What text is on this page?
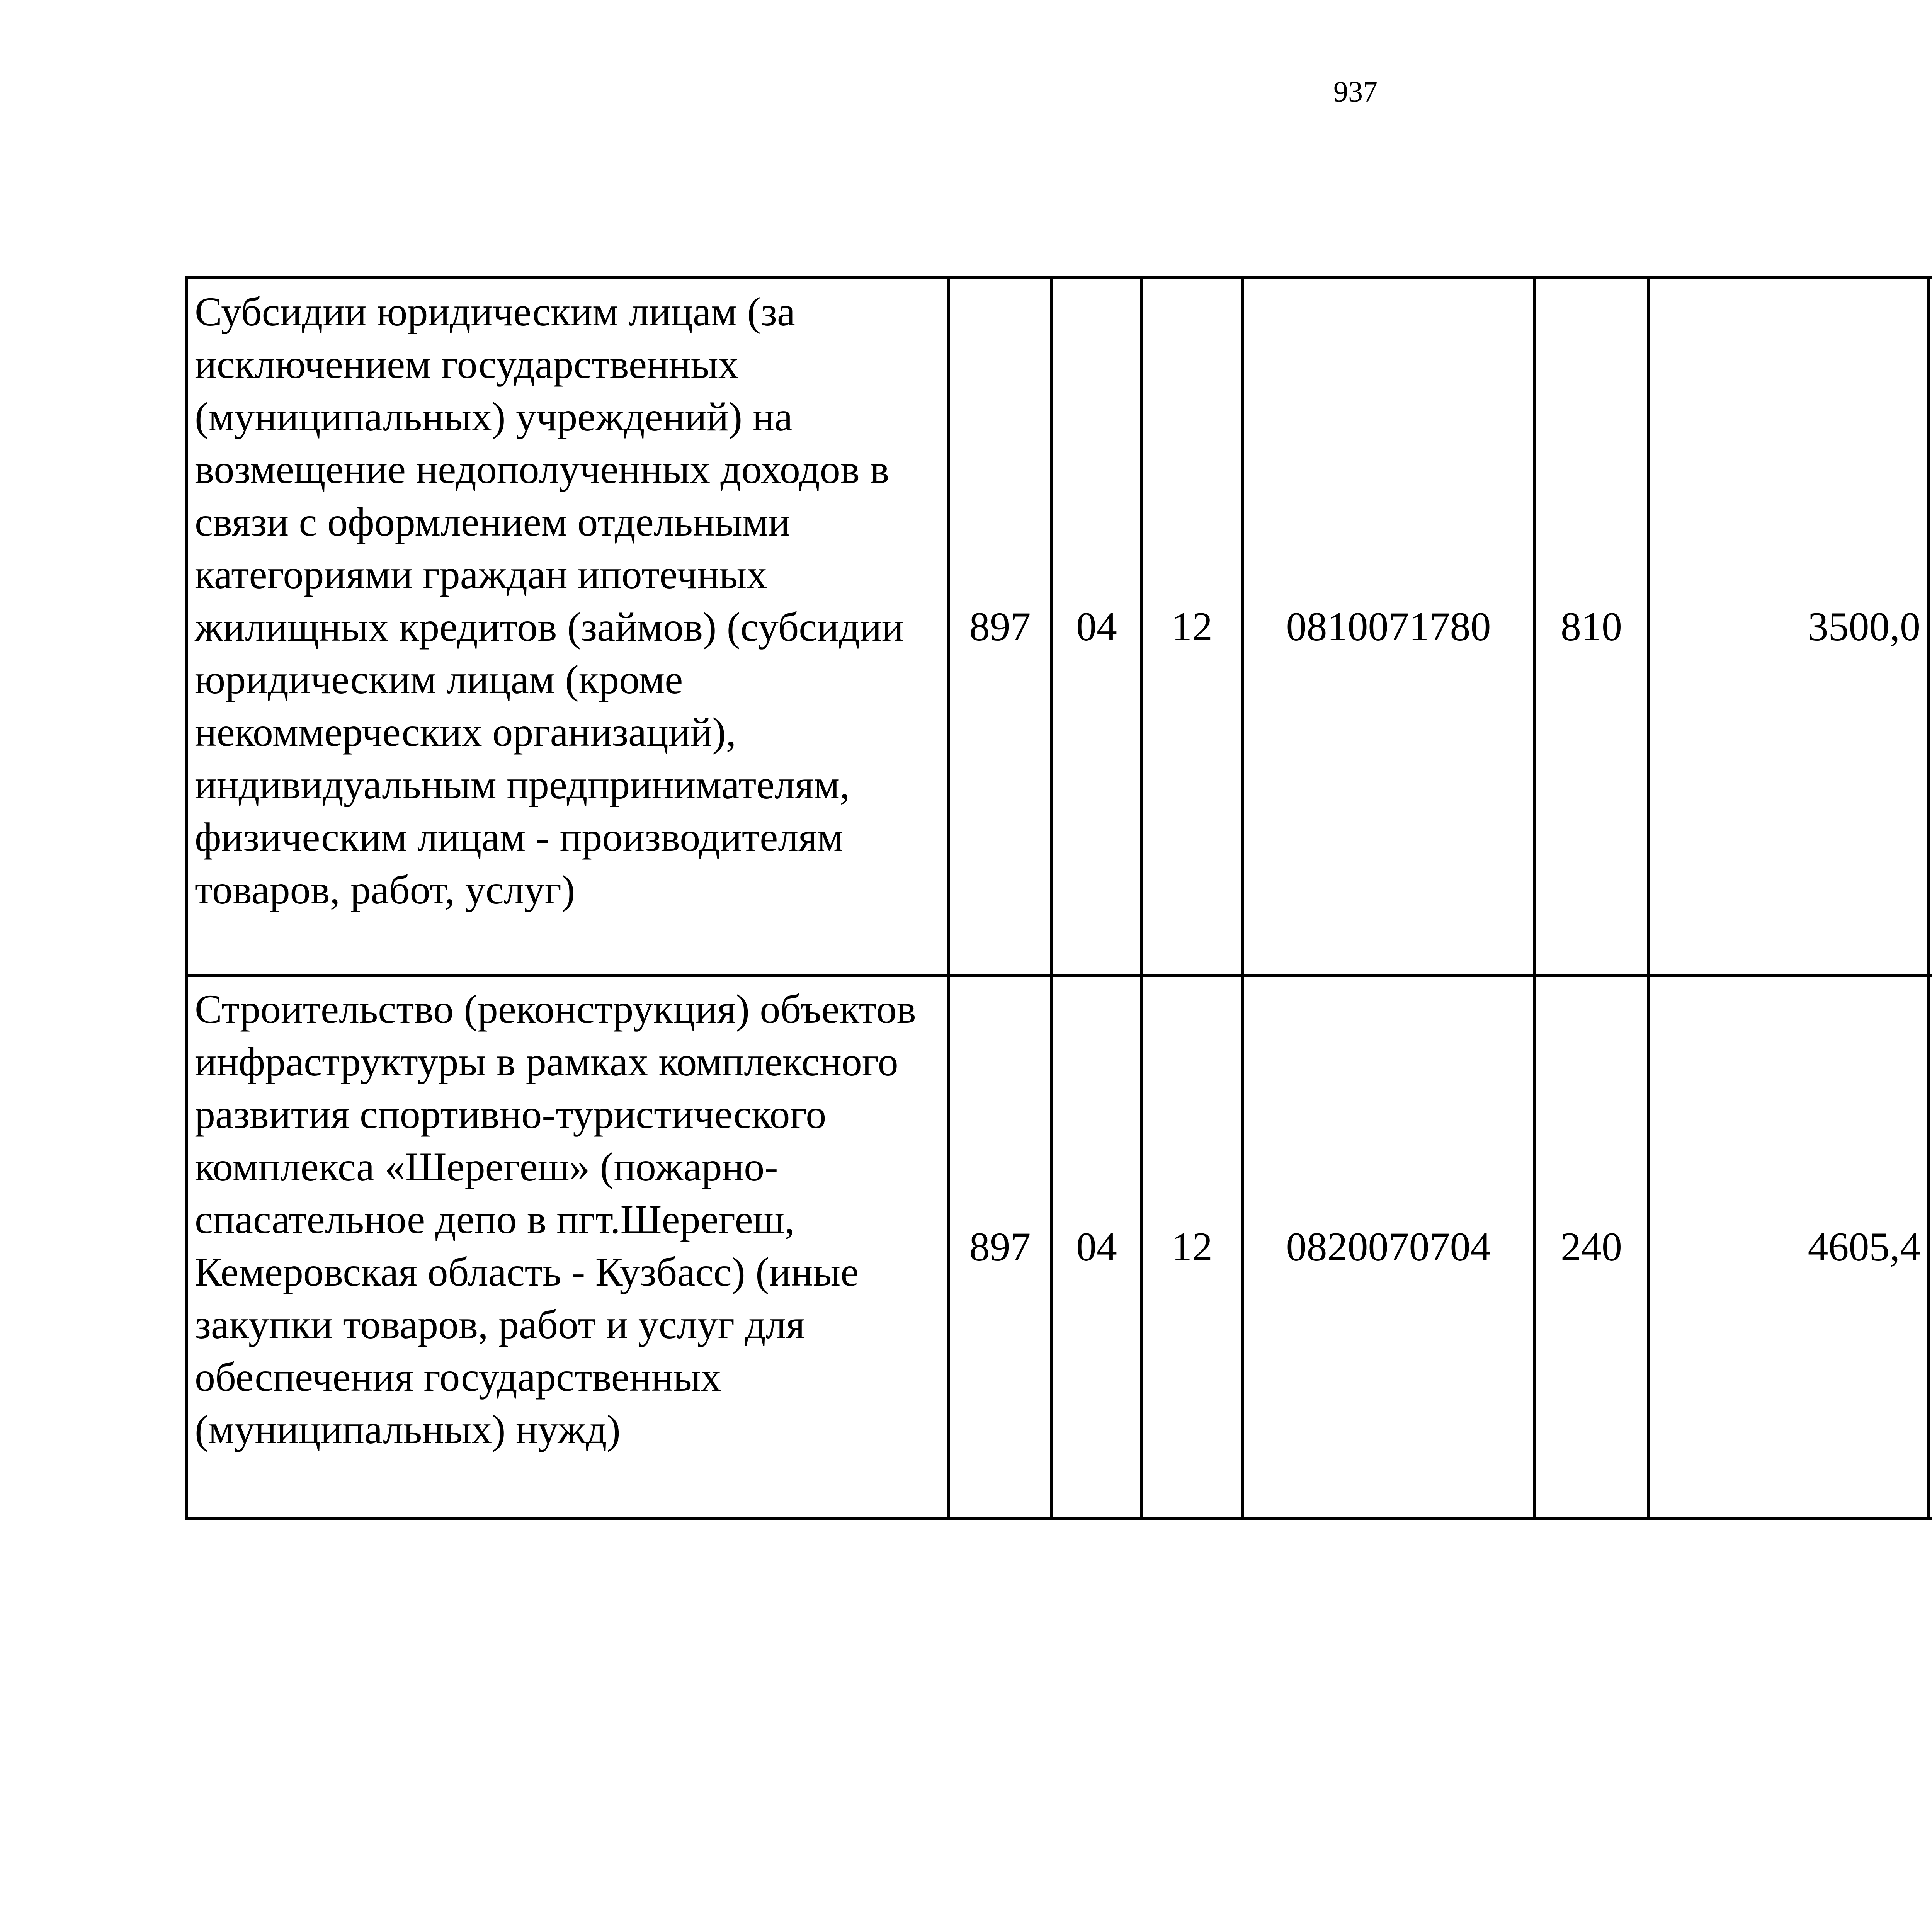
937
Субсидии юридическим лицам (за исключением государственных (муниципальных) учреждений) на возмещение недополученных доходов в связи с оформлением отдельными категориями граждан ипотечных жилищных кредитов (займов) (субсидии юридическим лицам (кроме некоммерческих организаций), индивидуальным предпринимателям, физическим лицам - производителям товаров, работ, услуг)	897	04	12	0810071780	810	3500,0		
Строительство (реконструкция) объектов инфраструктуры в рамках комплексного развития спортивно-туристического комплекса «Шерегеш» (пожарно-спасательное депо в пгт.Шерегеш, Кемеровская область - Кузбасс) (иные закупки товаров, работ и услуг для обеспечения государственных (муниципальных) нужд)	897	04	12	0820070704	240	4605,4		
